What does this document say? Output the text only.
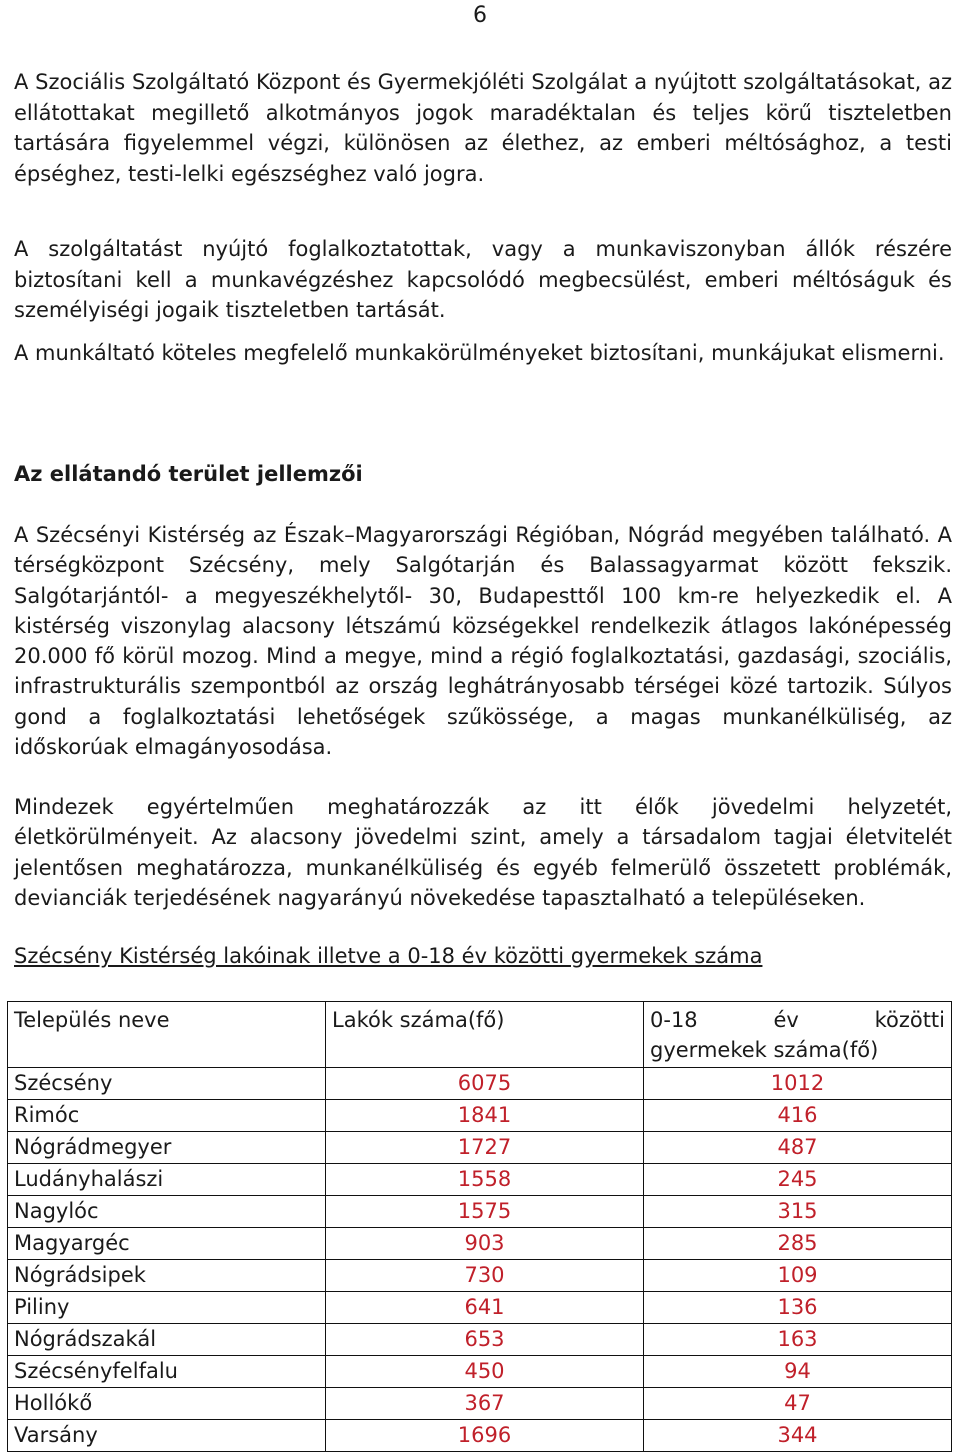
6

A Szociális Szolgáltató Központ és Gyermekjóléti Szolgálat a nyújtott szolgáltatásokat, az ellátottakat megillető alkotmányos jogok maradéktalan és teljes körű tiszteletben tartására figyelemmel végzi, különösen az élethez, az emberi méltósághoz, a testi épséghez, testi-lelki egészséghez való jogra.

A szolgáltatást nyújtó foglalkoztatottak, vagy a munkaviszonyban állók részére biztosítani kell a munkavégzéshez kapcsolódó megbecsülést, emberi méltóságuk és személyiségi jogaik tiszteletben tartását.

A munkáltató köteles megfelelő munkakörülményeket biztosítani, munkájukat elismerni.

Az ellátandó terület jellemzői

A Szécsényi Kistérség az Észak–Magyarországi Régióban, Nógrád megyében található. A térségközpont Szécsény, mely Salgótarján és Balassagyarmat között fekszik. Salgótarjántól- a megyeszékhelytől- 30, Budapesttől 100 km-re helyezkedik el. A kistérség viszonylag alacsony létszámú községekkel rendelkezik átlagos lakónépesség 20.000 fő körül mozog. Mind a megye, mind a régió foglalkoztatási, gazdasági, szociális, infrastrukturális szempontból az ország leghátrányosabb térségei közé tartozik. Súlyos gond a foglalkoztatási lehetőségek szűkössége, a magas munkanélküliség, az időskorúak elmagányosodása.

Mindezek egyértelműen meghatározzák az itt élők jövedelmi helyzetét, életkörülményeit. Az alacsony jövedelmi szint, amely a társadalom tagjai életvitelét jelentősen meghatározza, munkanélküliség és egyéb felmerülő összetett problémák, devianciák terjedésének nagyarányú növekedése tapasztalható a településeken.

Szécsény Kistérség lakóinak illetve a 0-18 év közötti gyermekek száma

Település neve	Lakók száma(fő)	0-18 év közötti
gyermekek száma(fő)

Szécsény	6075	1012
Rimóc	1841	416
Nógrádmegyer	1727	487
Ludányhalászi	1558	245
Nagylóc	1575	315
Magyargéc	903	285
Nógrádsipek	730	109
Piliny	641	136
Nógrádszakál	653	163
Szécsényfelfalu	450	94
Hollókő	367	47
Varsány	1696	344
